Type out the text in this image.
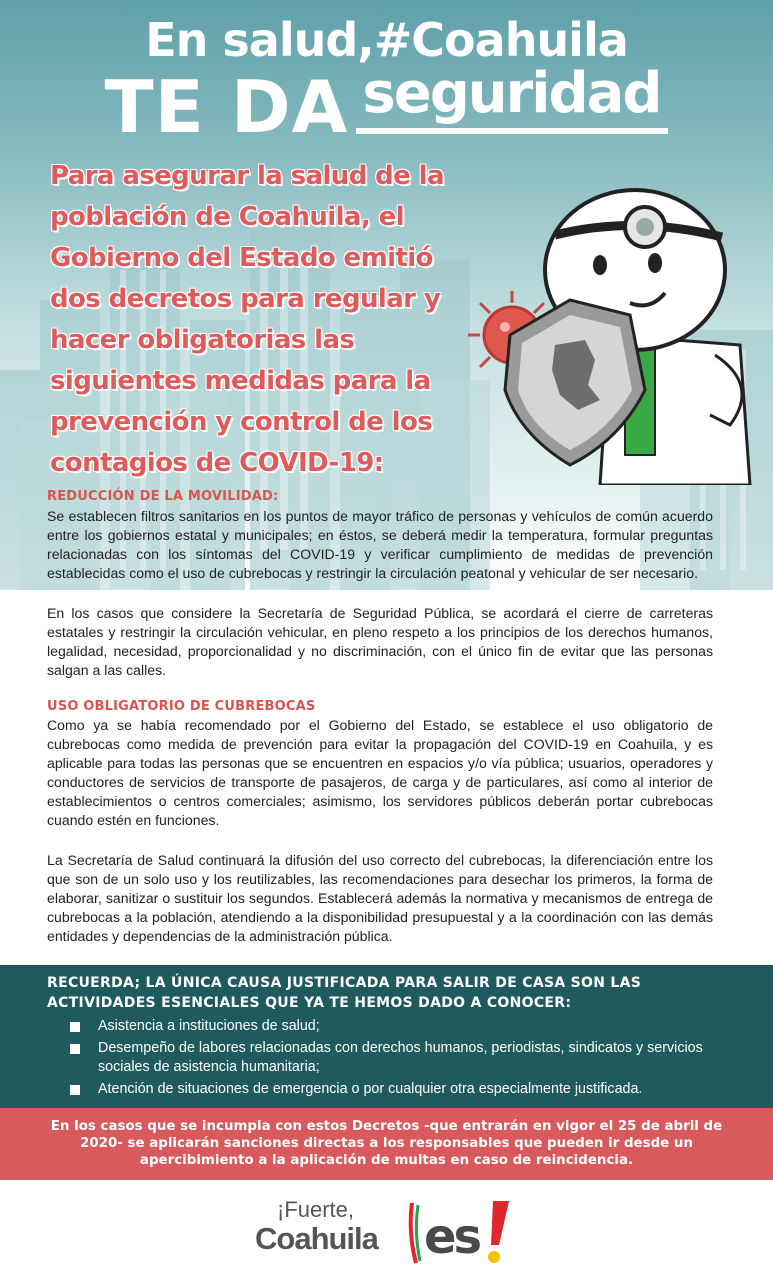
En salud,#Coahuila
TE DA seguridad
Para asegurar la salud de la población de Coahuila, el Gobierno del Estado emitió dos decretos para regular y hacer obligatorias las siguientes medidas para la prevención y control de los contagios de COVID-19:
REDUCCIÓN DE LA MOVILIDAD:
Se establecen filtros sanitarios en los puntos de mayor tráfico de personas y vehículos de común acuerdo entre los gobiernos estatal y municipales; en éstos, se deberá medir la temperatura, formular preguntas relacionadas con los síntomas del COVID-19 y verificar cumplimiento de medidas de prevención establecidas como el uso de cubrebocas y restringir la circulación peatonal y vehicular de ser necesario.
En los casos que considere la Secretaría de Seguridad Pública, se acordará el cierre de carreteras estatales y restringir la circulación vehicular, en pleno respeto a los principios de los derechos humanos, legalidad, necesidad, proporcionalidad y no discriminación, con el único fin de evitar que las personas salgan a las calles.
USO OBLIGATORIO DE CUBREBOCAS
Como ya se había recomendado por el Gobierno del Estado, se establece el uso obligatorio de cubrebocas como medida de prevención para evitar la propagación del COVID-19 en Coahuila, y es aplicable para todas las personas que se encuentren en espacios y/o vía pública; usuarios, operadores y conductores de servicios de transporte de pasajeros, de carga y de particulares, así como al interior de establecimientos o centros comerciales; asimismo, los servidores públicos deberán portar cubrebocas cuando estén en funciones.
La Secretaría de Salud continuará la difusión del uso correcto del cubrebocas, la diferenciación entre los que son de un solo uso y los reutilizables, las recomendaciones para desechar los primeros, la forma de elaborar, sanitizar o sustituir los segundos. Establecerá además la normativa y mecanismos de entrega de cubrebocas a la población, atendiendo a la disponibilidad presupuestal y a la coordinación con las demás entidades y dependencias de la administración pública.
RECUERDA; LA ÚNICA CAUSA JUSTIFICADA PARA SALIR DE CASA SON LAS ACTIVIDADES ESENCIALES QUE YA TE HEMOS DADO A CONOCER:
Asistencia a instituciones de salud;
Desempeño de labores relacionadas con derechos humanos, periodistas, sindicatos y servicios sociales de asistencia humanitaria;
Atención de situaciones de emergencia o por cualquier otra especialmente justificada.
En los casos que se incumpla con estos Decretos -que entrarán en vigor el 25 de abril de 2020- se aplicarán sanciones directas a los responsables que pueden ir desde un apercibimiento a la aplicación de multas en caso de reincidencia.
¡Fuerte,
Coahuila es
